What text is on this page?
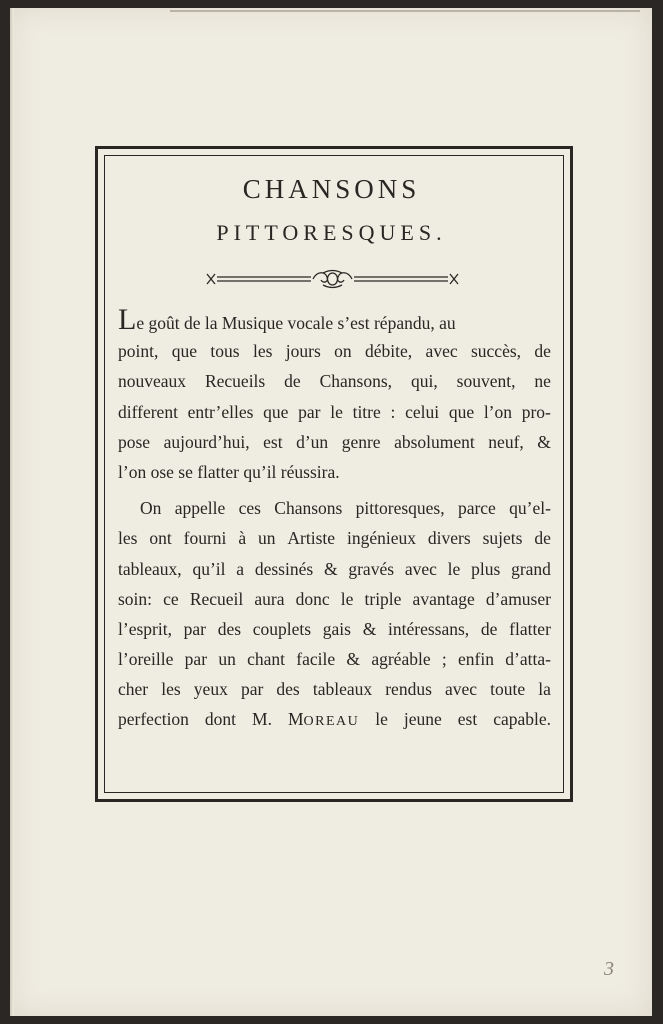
CHANSONS
PITTORESQUES.
Le goût de la Musique vocale s’est répandu, au
point, que tous les jours on débite, avec succès, de
nouveaux Recueils de Chansons, qui, souvent, ne
different entr’elles que par le titre : celui que l’on pro-
pose aujourd’hui, est d’un genre absolument neuf, &
l’on ose se flatter qu’il réussira.
On appelle ces Chansons pittoresques, parce qu’el-
les ont fourni à un Artiste ingénieux divers sujets de
tableaux, qu’il a dessinés & gravés avec le plus grand
soin: ce Recueil aura donc le triple avantage d’amuser
l’esprit, par des couplets gais & intéressans, de flatter
l’oreille par un chant facile & agréable ; enfin d’atta-
cher les yeux par des tableaux rendus avec toute la
perfection dont M. MOREAU le jeune est capable.
3
